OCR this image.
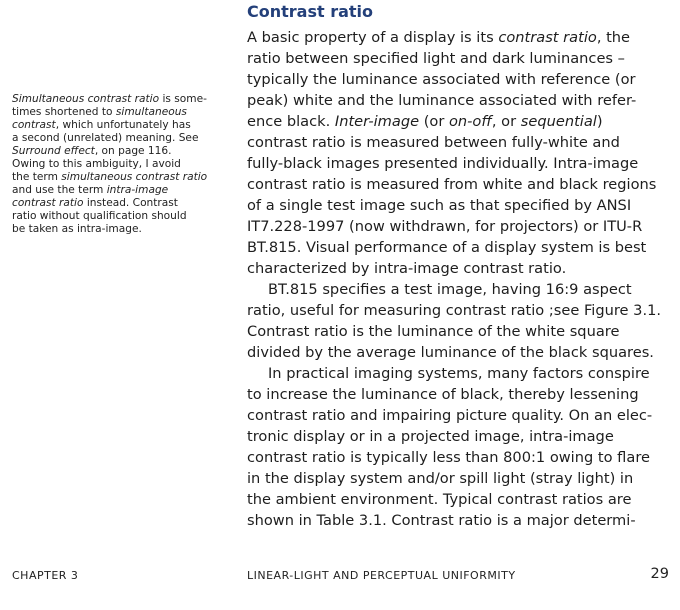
Contrast ratio
Simultaneous contrast ratio is some-
times shortened to simultaneous
contrast, which unfortunately has
a second (unrelated) meaning. See
Surround effect, on page 116.
Owing to this ambiguity, I avoid
the term simultaneous contrast ratio
and use the term intra-image
contrast ratio instead. Contrast
ratio without qualification should
be taken as intra-image.
A basic property of a display is its contrast ratio, the
ratio between specified light and dark luminances –
typically the luminance associated with reference (or
peak) white and the luminance associated with refer-
ence black. Inter-image (or on-off, or sequential)
contrast ratio is measured between fully-white and
fully-black images presented individually. Intra-image
contrast ratio is measured from white and black regions
of a single test image such as that specified by ANSI
IT7.228-1997 (now withdrawn, for projectors) or ITU-R
BT.815. Visual performance of a display system is best
characterized by intra-image contrast ratio.
BT.815 specifies a test image, having 16:9 aspect
ratio, useful for measuring contrast ratio ;see Figure 3.1.
Contrast ratio is the luminance of the white square
divided by the average luminance of the black squares.
In practical imaging systems, many factors conspire
to increase the luminance of black, thereby lessening
contrast ratio and impairing picture quality. On an elec-
tronic display or in a projected image, intra-image
contrast ratio is typically less than 800:1 owing to flare
in the display system and/or spill light (stray light) in
the ambient environment. Typical contrast ratios are
shown in Table 3.1. Contrast ratio is a major determi-
CHAPTER 3	LINEAR-LIGHT AND PERCEPTUAL UNIFORMITY	29
